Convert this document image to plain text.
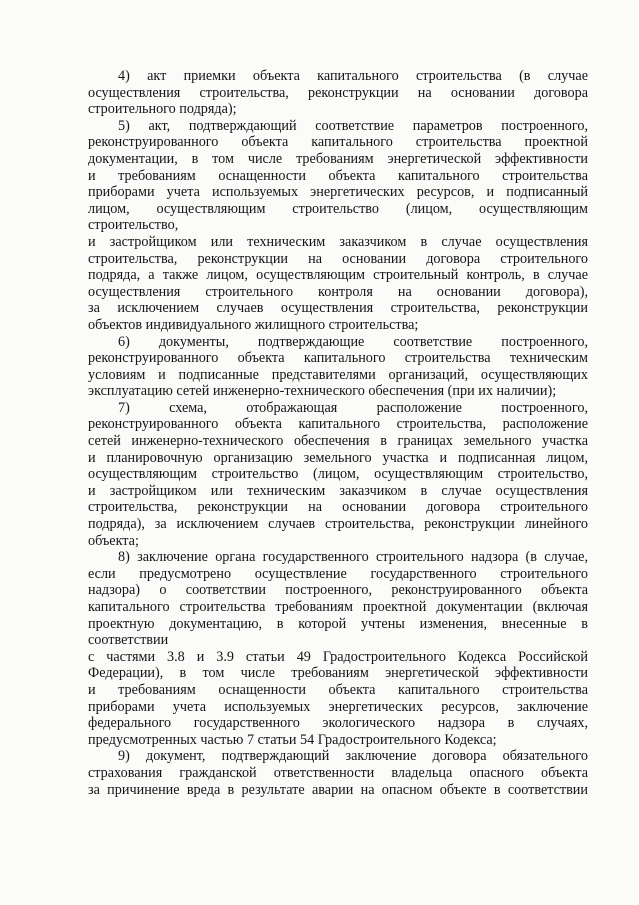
4) акт приемки объекта капитального строительства (в случае
осуществления строительства, реконструкции на основании договора
строительного подряда);
5) акт, подтверждающий соответствие параметров построенного,
реконструированного объекта капитального строительства проектной
документации, в том числе требованиям энергетической эффективности
и требованиям оснащенности объекта капитального строительства
приборами учета используемых энергетических ресурсов, и подписанный
лицом, осуществляющим строительство (лицом, осуществляющим
строительство,
и застройщиком или техническим заказчиком в случае осуществления
строительства, реконструкции на основании договора строительного
подряда, а также лицом, осуществляющим строительный контроль, в случае
осуществления строительного контроля на основании договора),
за исключением случаев осуществления строительства, реконструкции
объектов индивидуального жилищного строительства;
6) документы, подтверждающие соответствие построенного,
реконструированного объекта капитального строительства техническим
условиям и подписанные представителями организаций, осуществляющих
эксплуатацию сетей инженерно-технического обеспечения (при их наличии);
7) схема, отображающая расположение построенного,
реконструированного объекта капитального строительства, расположение
сетей инженерно-технического обеспечения в границах земельного участка
и планировочную организацию земельного участка и подписанная лицом,
осуществляющим строительство (лицом, осуществляющим строительство,
и застройщиком или техническим заказчиком в случае осуществления
строительства, реконструкции на основании договора строительного
подряда), за исключением случаев строительства, реконструкции линейного
объекта;
8) заключение органа государственного строительного надзора (в случае,
если предусмотрено осуществление государственного строительного
надзора) о соответствии построенного, реконструированного объекта
капитального строительства требованиям проектной документации (включая
проектную документацию, в которой учтены изменения, внесенные в
соответствии
с частями 3.8 и 3.9 статьи 49 Градостроительного Кодекса Российской
Федерации), в том числе требованиям энергетической эффективности
и требованиям оснащенности объекта капитального строительства
приборами учета используемых энергетических ресурсов, заключение
федерального государственного экологического надзора в случаях,
предусмотренных частью 7 статьи 54 Градостроительного Кодекса;
9) документ, подтверждающий заключение договора обязательного
страхования гражданской ответственности владельца опасного объекта
за причинение вреда в результате аварии на опасном объекте в соответствии
